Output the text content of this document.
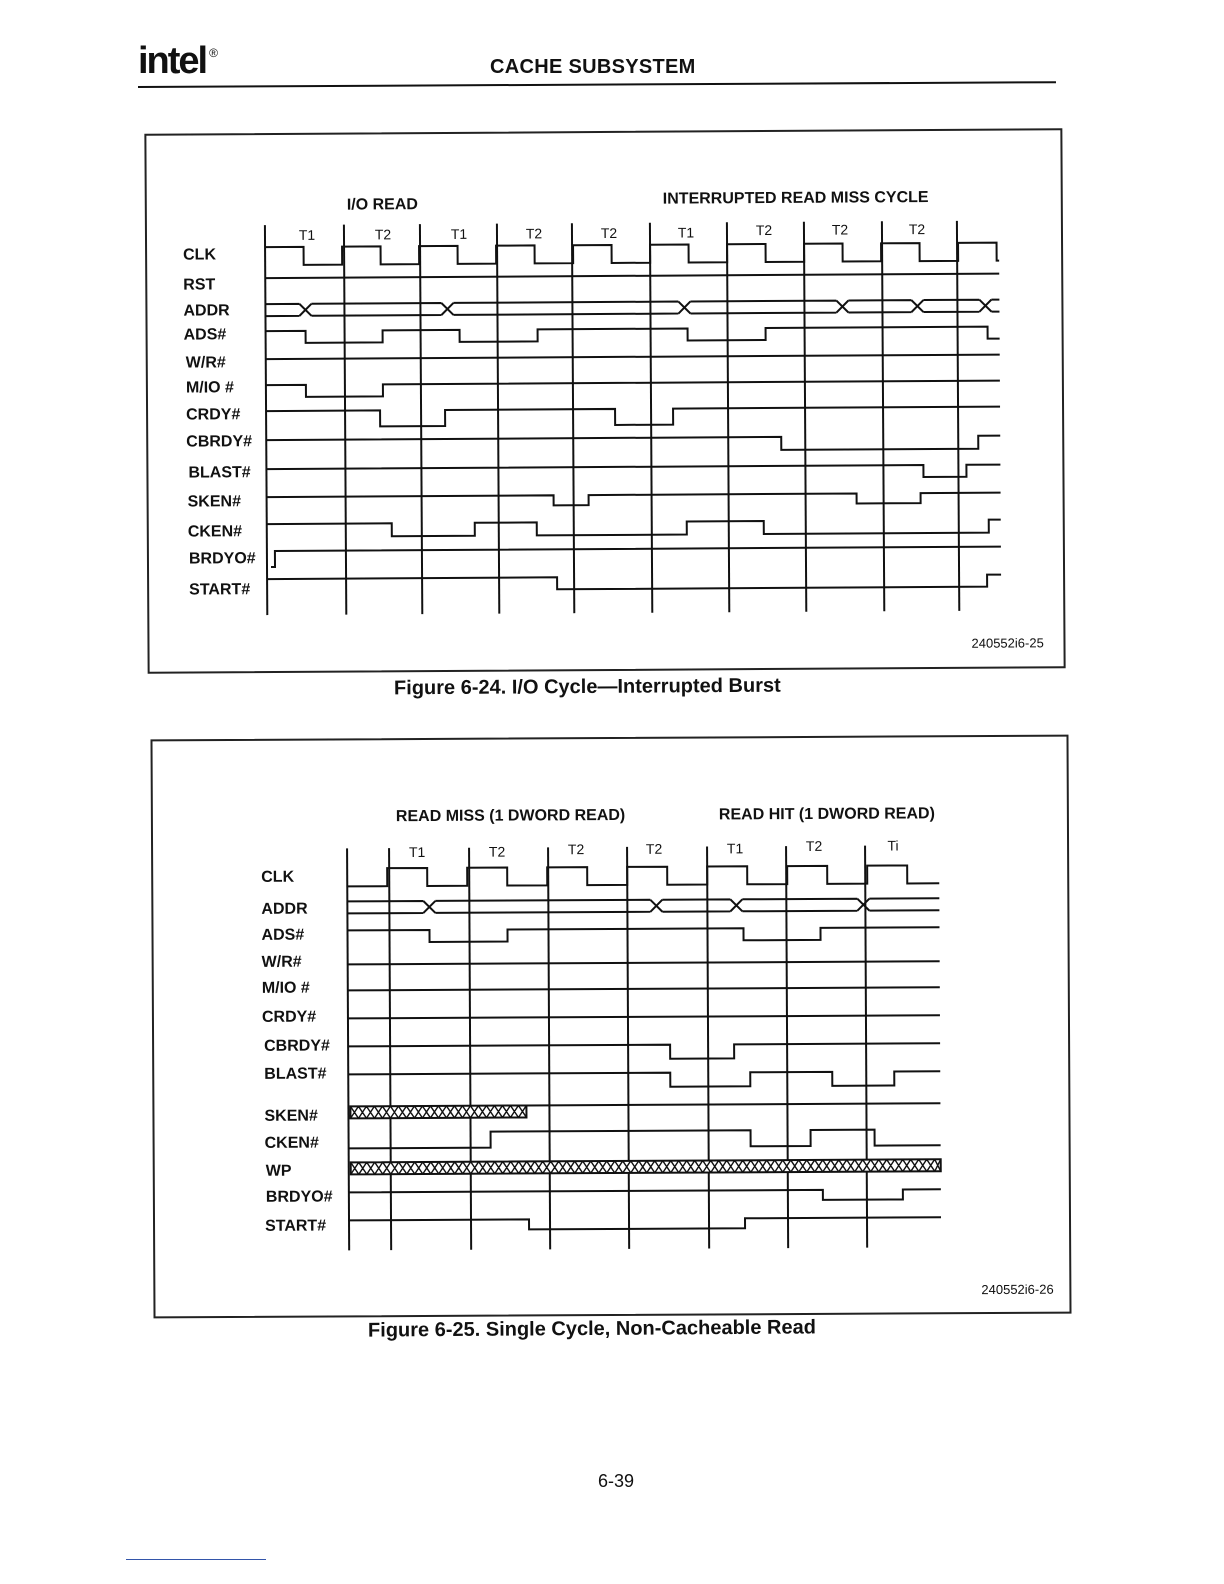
intel ®
CACHE SUBSYSTEM
I/O READ	INTERRUPTED READ MISS CYCLE
T1	T2	T1	T2	T2	T1	T2	T2	T2
CLK
RST
ADDR
ADS#
W/R#
M/IO #
CRDY#
CBRDY#
BLAST#
SKEN#
CKEN#
BRDYO#
START#
240552i6-25
Figure 6-24. I/O Cycle—Interrupted Burst
READ MISS (1 DWORD READ)	READ HIT (1 DWORD READ)
T1	T2	T2	T2	T1	T2	Ti
CLK
ADDR
ADS#
W/R#
M/IO #
CRDY#
CBRDY#
BLAST#
SKEN#
CKEN#
WP
BRDYO#
START#
240552i6-26
Figure 6-25. Single Cycle, Non-Cacheable Read
6-39
